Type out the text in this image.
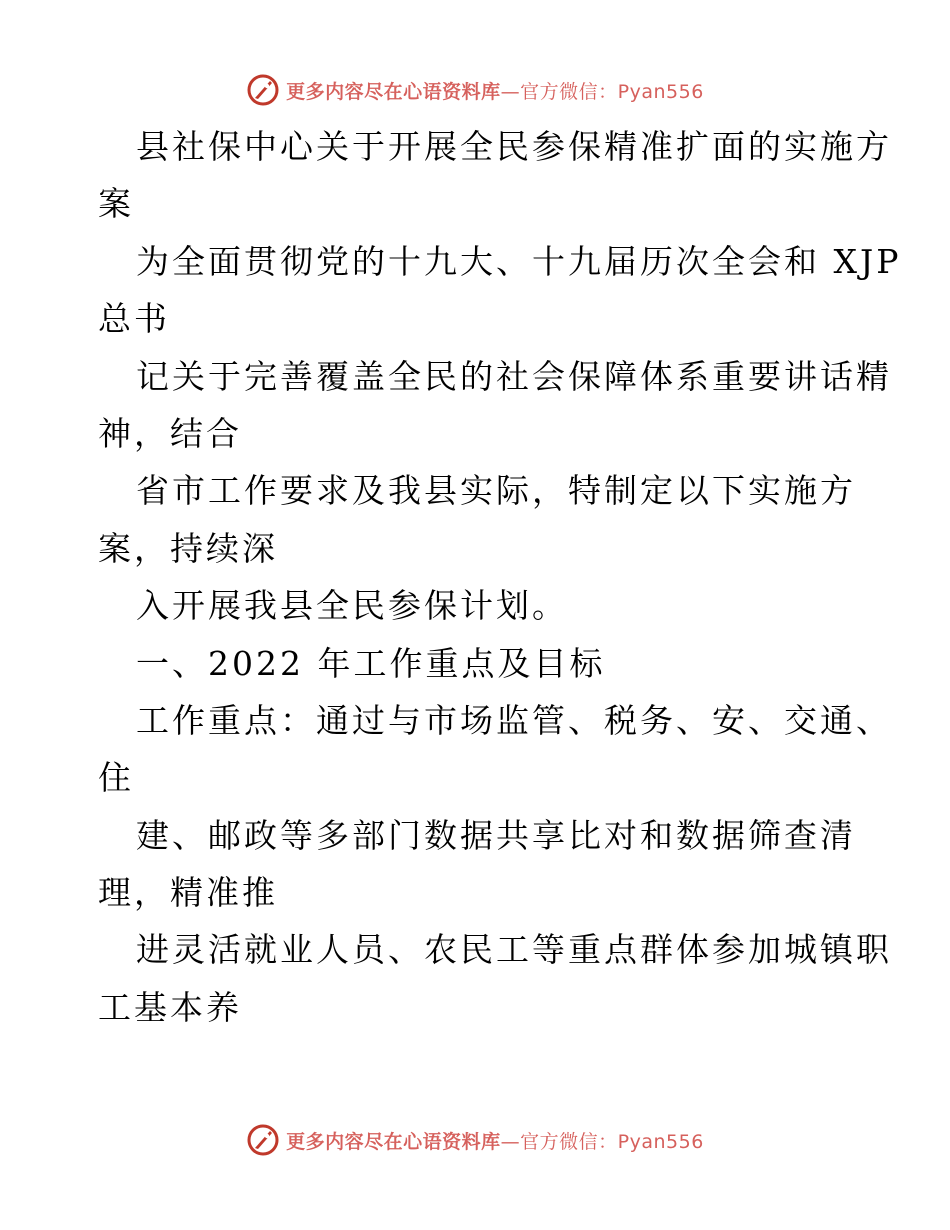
更多内容尽在心语资料库—官方微信：Pyan556
县社保中心关于开展全民参保精准扩面的实施方
案
为全面贯彻党的十九大、十九届历次全会和 XJP
总书
记关于完善覆盖全民的社会保障体系重要讲话精
神，结合
省市工作要求及我县实际，特制定以下实施方
案，持续深
入开展我县全民参保计划。
一、2022 年工作重点及目标
工作重点：通过与市场监管、税务、安、交通、
住
建、邮政等多部门数据共享比对和数据筛查清
理，精准推
进灵活就业人员、农民工等重点群体参加城镇职
工基本养
更多内容尽在心语资料库—官方微信：Pyan556
